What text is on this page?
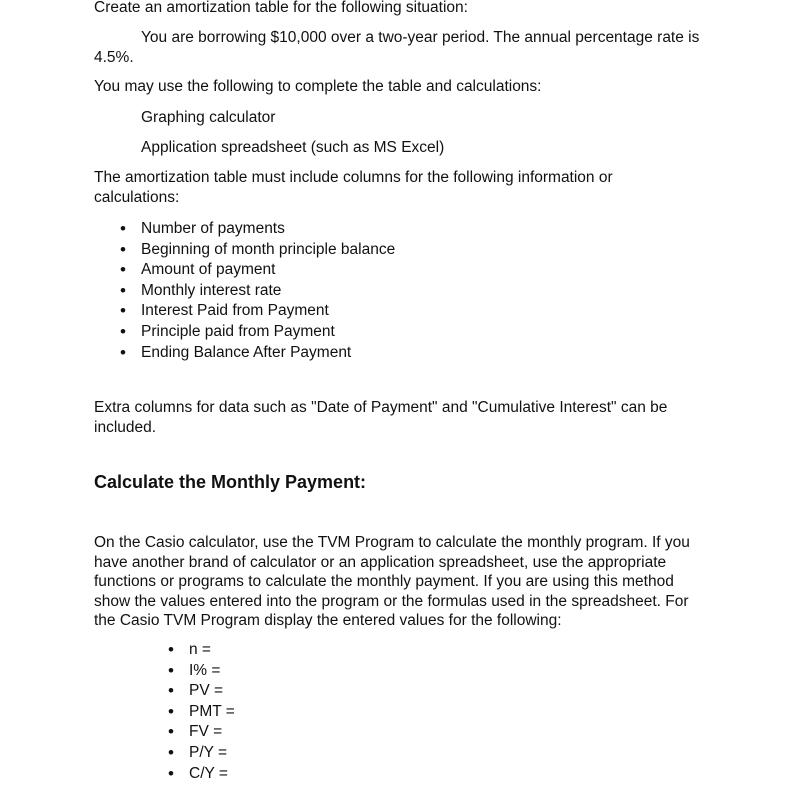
Create an amortization table for the following situation:

You are borrowing $10,000 over a two-year period. The annual percentage rate is 4.5%.

You may use the following to complete the table and calculations:

Graphing calculator

Application spreadsheet (such as MS Excel)

The amortization table must include columns for the following information or calculations:

• Number of payments
• Beginning of month principle balance
• Amount of payment
• Monthly interest rate
• Interest Paid from Payment
• Principle paid from Payment
• Ending Balance After Payment

Extra columns for data such as "Date of Payment" and "Cumulative Interest" can be included.

Calculate the Monthly Payment:

On the Casio calculator, use the TVM Program to calculate the monthly program. If you have another brand of calculator or an application spreadsheet, use the appropriate functions or programs to calculate the monthly payment. If you are using this method show the values entered into the program or the formulas used in the spreadsheet. For the Casio TVM Program display the entered values for the following:

• n =
• I% =
• PV =
• PMT =
• FV =
• P/Y =
• C/Y =
